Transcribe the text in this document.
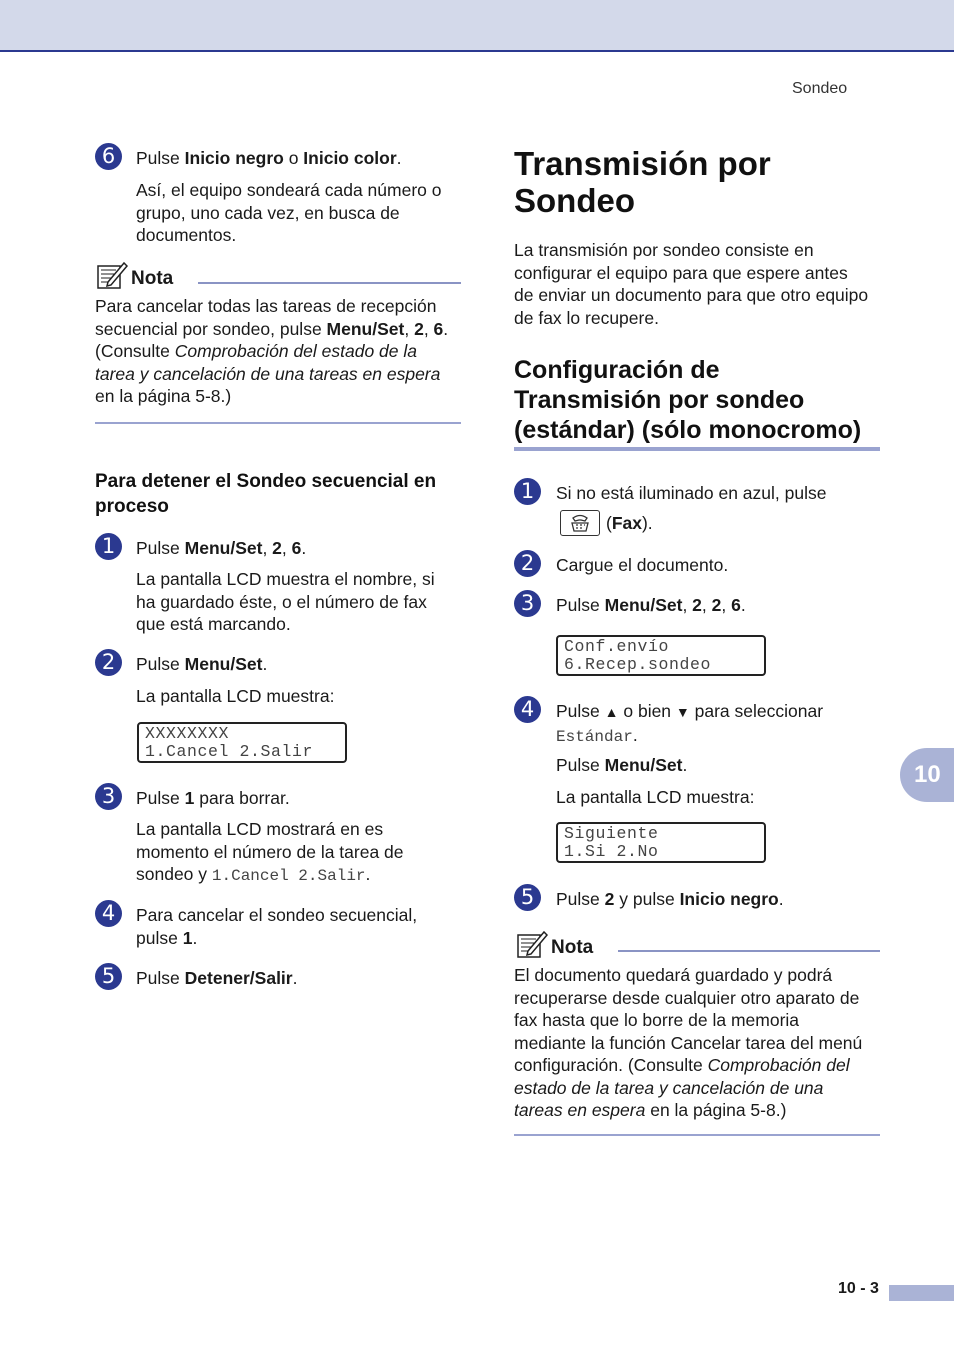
Sondeo
6	Pulse Inicio negro o Inicio color.
Así, el equipo sondeará cada número o
grupo, uno cada vez, en busca de
documentos.
Nota
Para cancelar todas las tareas de recepción
secuencial por sondeo, pulse Menu/Set, 2, 6.
(Consulte Comprobación del estado de la
tarea y cancelación de una tareas en espera
en la página 5-8.)
Para detener el Sondeo secuencial en
proceso
1	Pulse Menu/Set, 2, 6.
La pantalla LCD muestra el nombre, si
ha guardado éste, o el número de fax
que está marcando.
2	Pulse Menu/Set.
La pantalla LCD muestra:
XXXXXXXX
1.Cancel 2.Salir
3	Pulse 1 para borrar.
La pantalla LCD mostrará en es
momento el número de la tarea de
sondeo y 1.Cancel 2.Salir.
4	Para cancelar el sondeo secuencial,
pulse 1.
5	Pulse Detener/Salir.
Transmisión por
Sondeo
La transmisión por sondeo consiste en
configurar el equipo para que espere antes
de enviar un documento para que otro equipo
de fax lo recupere.
Configuración de
Transmisión por sondeo
(estándar) (sólo monocromo)
1	Si no está iluminado en azul, pulse
( Fax ).
2	Cargue el documento.
3	Pulse Menu/Set, 2, 2, 6.
Conf.envío
6.Recep.sondeo
4	Pulse ▲ o bien ▼ para seleccionar
Estándar.
Pulse Menu/Set.
La pantalla LCD muestra:
Siguiente
1.Si 2.No
5	Pulse 2 y pulse Inicio negro.
Nota
El documento quedará guardado y podrá
recuperarse desde cualquier otro aparato de
fax hasta que lo borre de la memoria
mediante la función Cancelar tarea del menú
configuración. (Consulte Comprobación del
estado de la tarea y cancelación de una
tareas en espera en la página 5-8.)
10
10 - 3
